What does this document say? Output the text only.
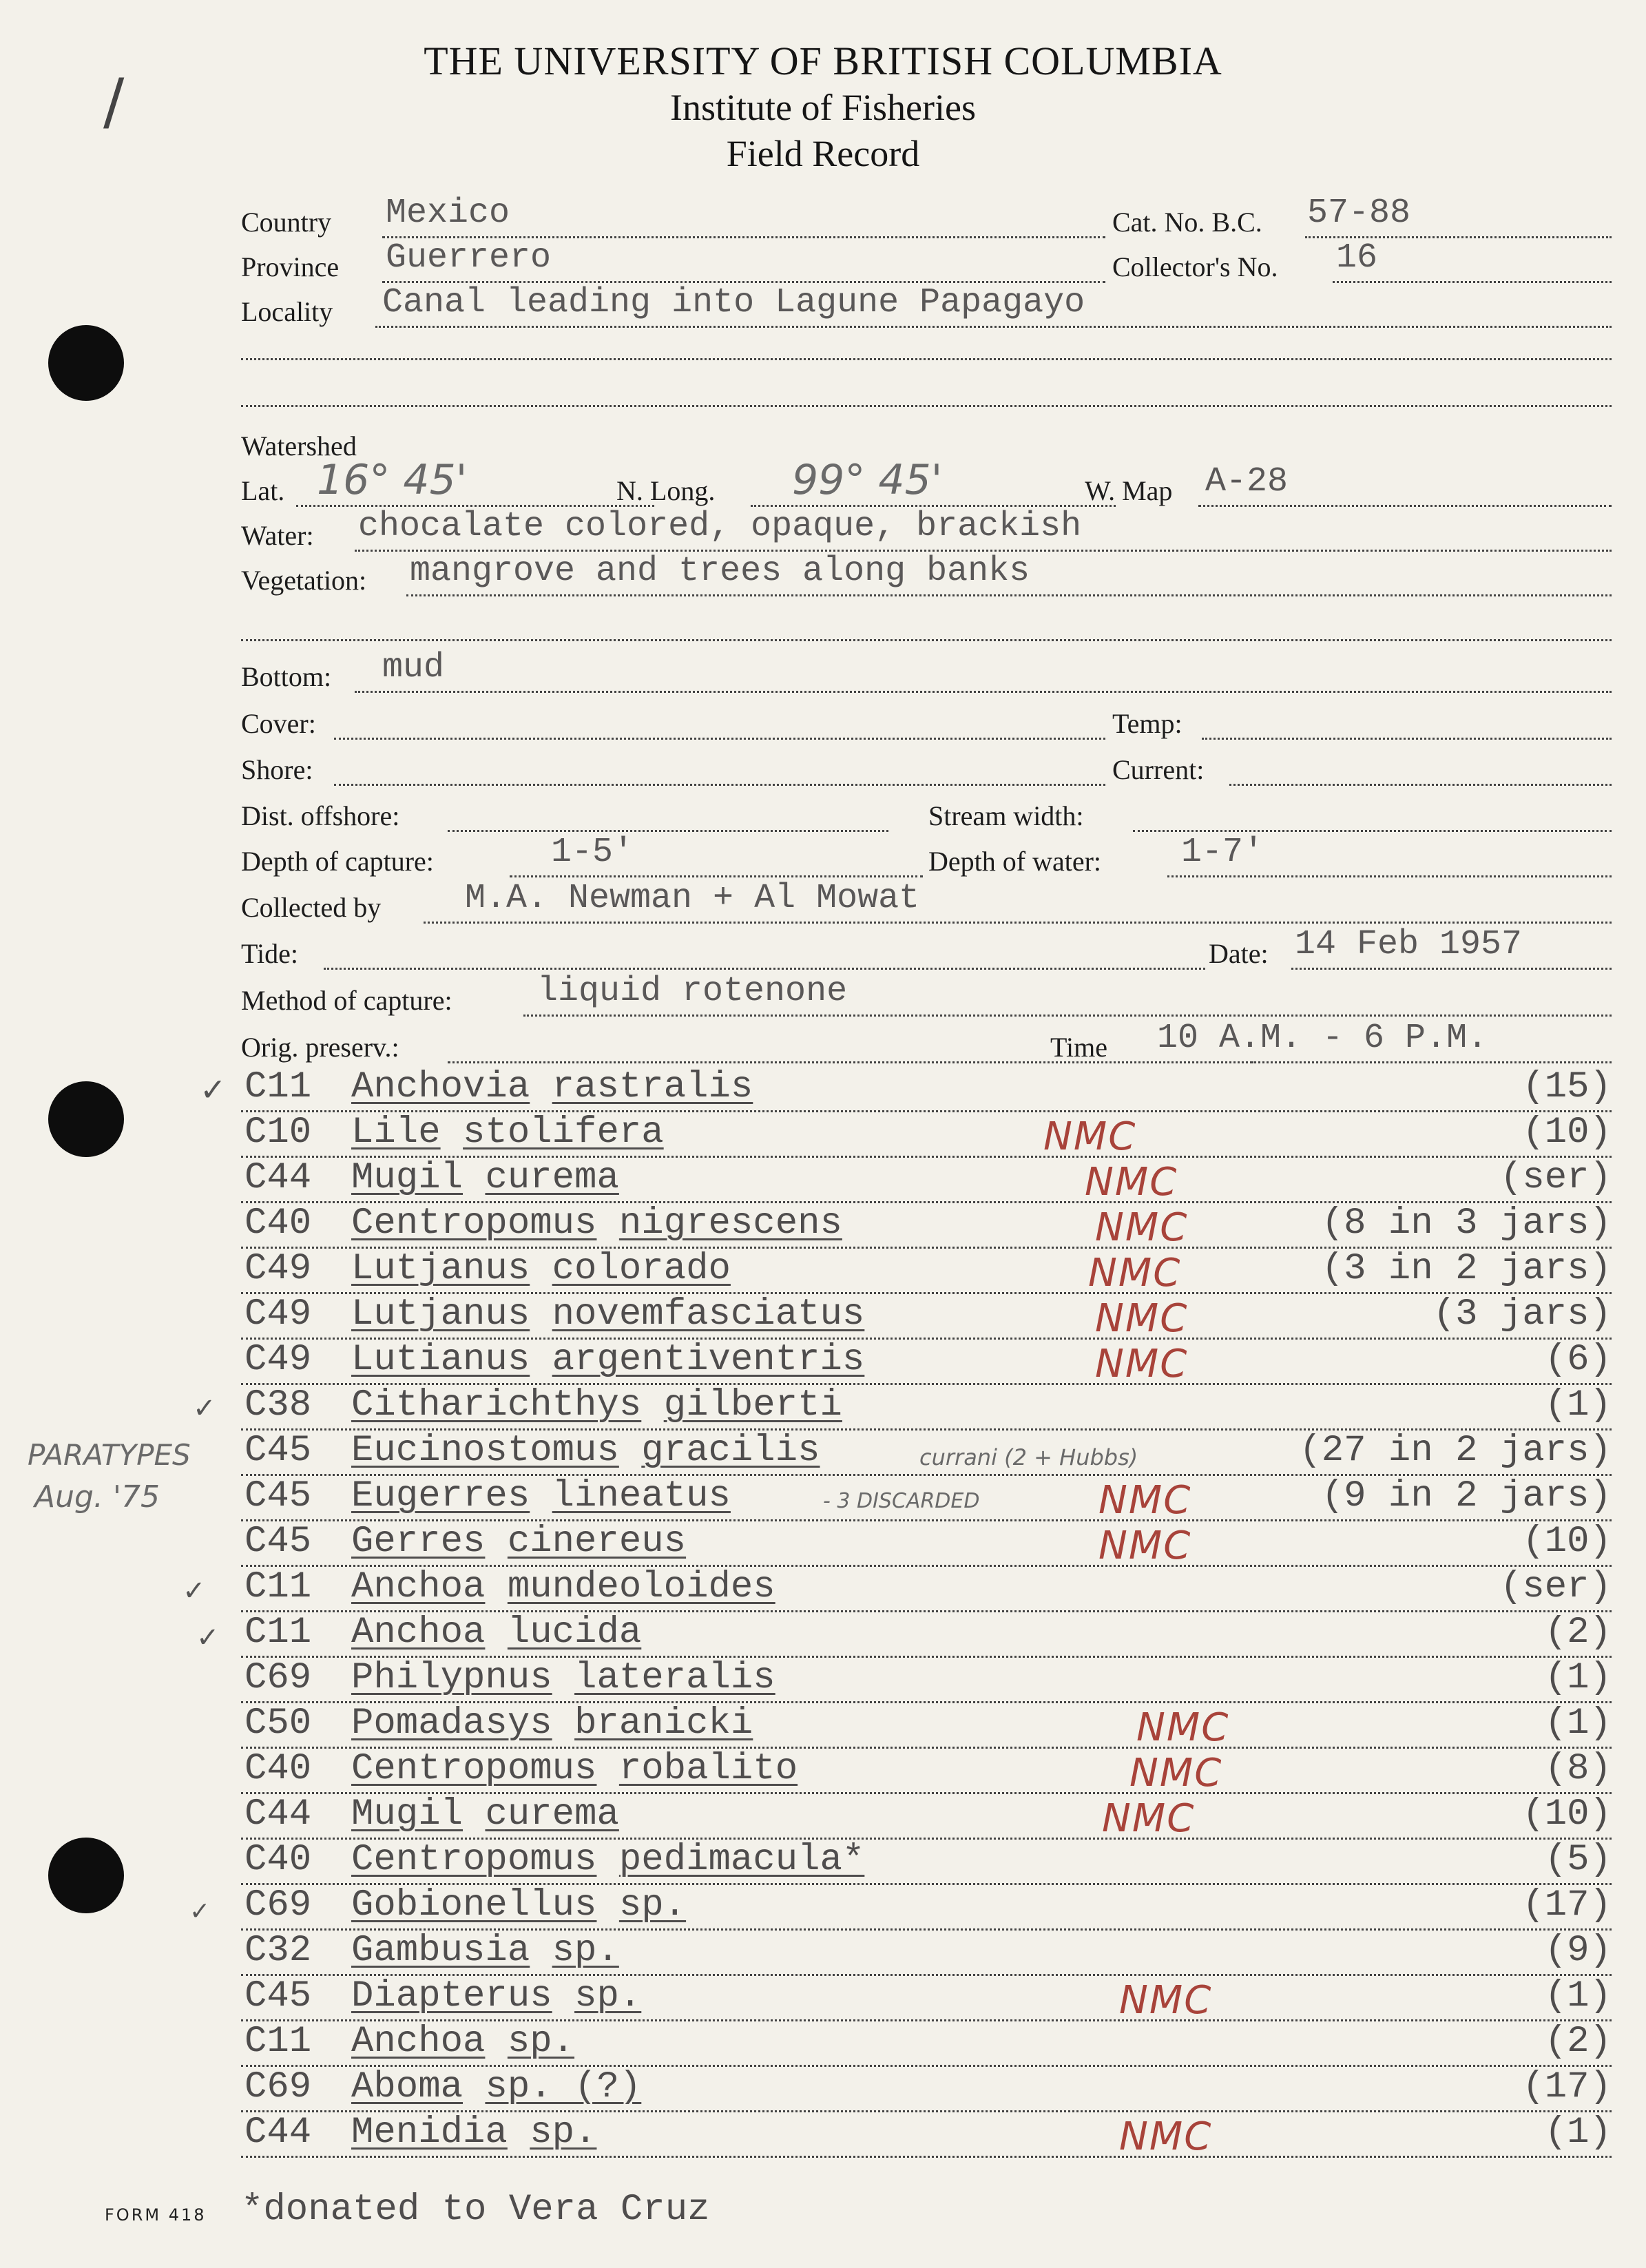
/
THE UNIVERSITY OF BRITISH COLUMBIA
Institute of Fisheries
Field Record
Country Mexico	Cat. No. B.C. 57-88
Province Guerrero	Collector's No. 16
Locality Canal leading into Lagune Papagayo
Watershed
Lat. 16° 45'	N. Long. 99° 45'	W. Map A-28
Water: chocalate colored, opaque, brackish
Vegetation: mangrove and trees along banks
Bottom: mud
Cover:	Temp:
Shore:	Current:
Dist. offshore:	Stream width:
Depth of capture:	1-5'	Depth of water: 1-7'
Collected by M.A. Newman + Al Mowat
Tide:	Date: 14 Feb 1957
Method of capture: liquid rotenone
Orig. preserv.:	Time 10 A.M. - 6 P.M.
C11 Anchovia rastralis	(15)
C10 Lile stolifera	NMC	(10)
C44 Mugil curema	NMC	(ser)
C40 Centropomus nigrescens	NMC	(8 in 3 jars)
C49 Lutjanus colorado	NMC	(3 in 2 jars)
C49 Lutjanus novemfasciatus	NMC	(3 jars)
C49 Lutianus argentiventris	NMC	(6)
C38 Citharichthys gilberti	(1)
C45 Eucinostomus gracilis	currani (2 + Hubbs)	(27 in 2 jars)
C45 Eugerres lineatus	- 3 DISCARDED	NMC	(9 in 2 jars)
C45 Gerres cinereus	NMC	(10)
C11 Anchoa mundeoloides	(ser)
C11 Anchoa lucida	(2)
C69 Philypnus lateralis	(1)
C50 Pomadasys branicki	NMC	(1)
C40 Centropomus robalito	NMC	(8)
C44 Mugil curema	NMC	(10)
C40 Centropomus pedimacula*	(5)
C69 Gobionellus sp.	(17)
C32 Gambusia sp.	(9)
C45 Diapterus sp.	NMC	(1)
C11 Anchoa sp.	(2)
C69 Aboma sp. (?)	(17)
C44 Menidia sp.	NMC	(1)
✓
✓
✓
✓
✓
PARATYPES
Aug. '75
FORM 418 *donated to Vera Cruz
